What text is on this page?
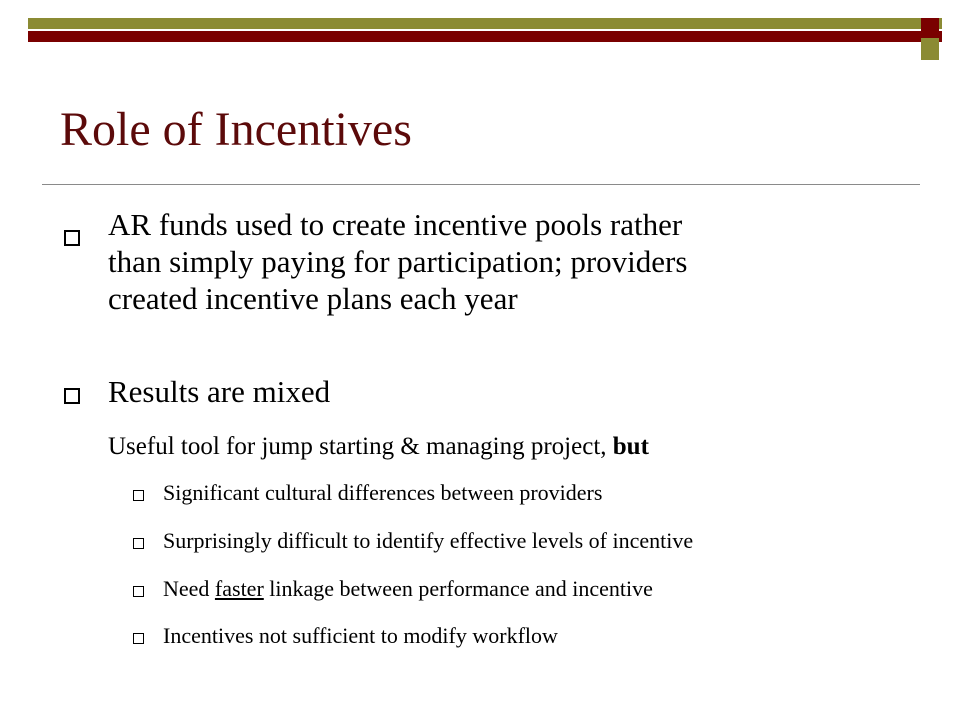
Role of Incentives
AR funds used to create incentive pools rather
than simply paying for participation; providers
created incentive plans each year
Results are mixed
Useful tool for jump starting & managing project, but
Significant cultural differences between providers
Surprisingly difficult to identify effective levels of incentive
Need faster linkage between performance and incentive
Incentives not sufficient to modify workflow
